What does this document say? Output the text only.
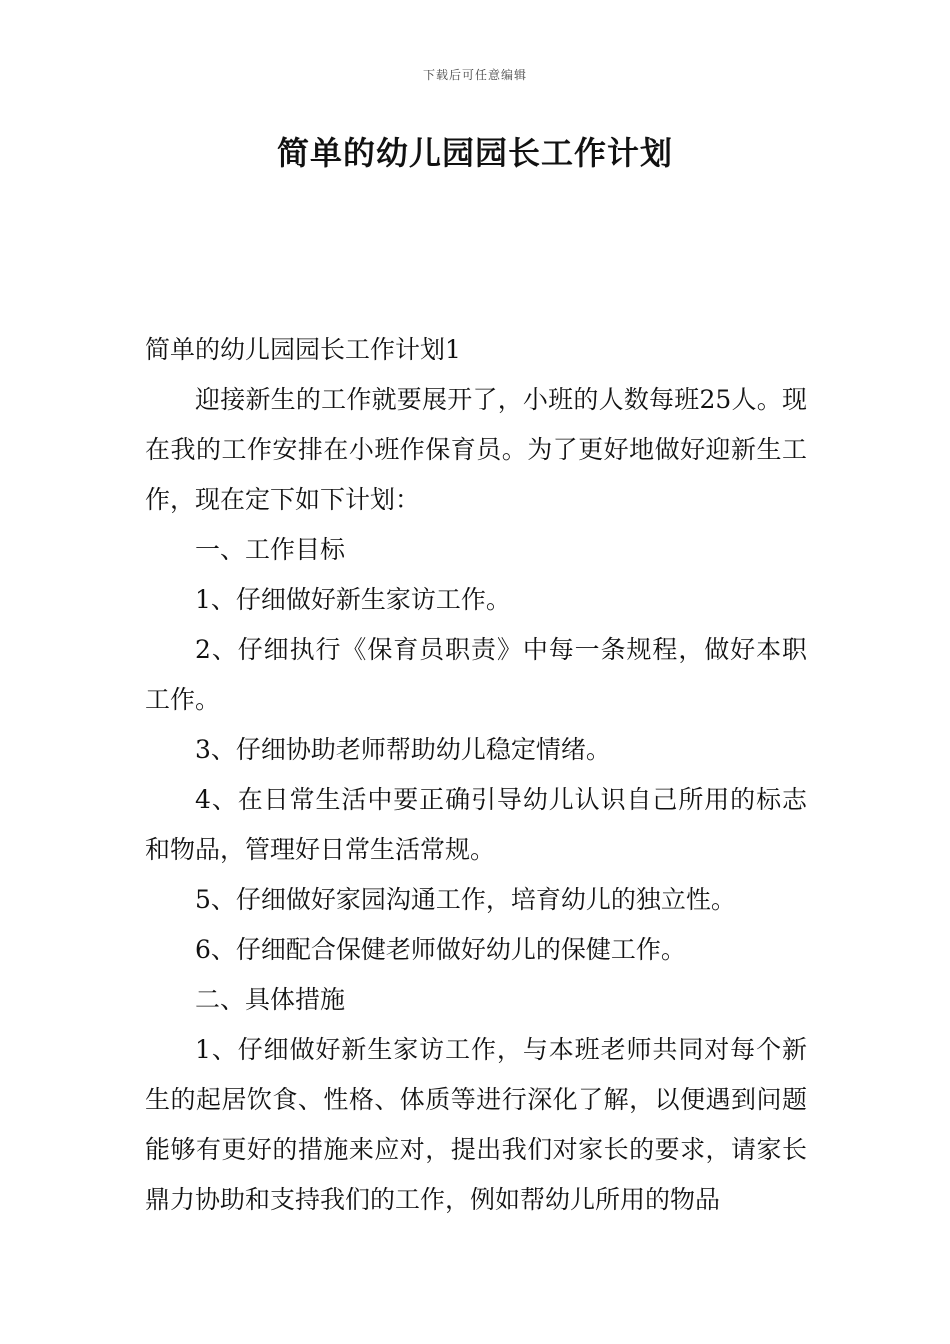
下载后可任意编辑
简单的幼儿园园长工作计划

简单的幼儿园园长工作计划1

迎接新生的工作就要展开了，小班的人数每班25人。现在我的工作安排在小班作保育员。为了更好地做好迎新生工作，现在定下如下计划：

一、工作目标

1、仔细做好新生家访工作。

2、仔细执行《保育员职责》中每一条规程，做好本职工作。

3、仔细协助老师帮助幼儿稳定情绪。

4、在日常生活中要正确引导幼儿认识自己所用的标志和物品，管理好日常生活常规。

5、仔细做好家园沟通工作，培育幼儿的独立性。

6、仔细配合保健老师做好幼儿的保健工作。

二、具体措施

1、仔细做好新生家访工作，与本班老师共同对每个新生的起居饮食、性格、体质等进行深化了解，以便遇到问题能够有更好的措施来应对，提出我们对家长的要求，请家长鼎力协助和支持我们的工作，例如帮幼儿所用的物品
